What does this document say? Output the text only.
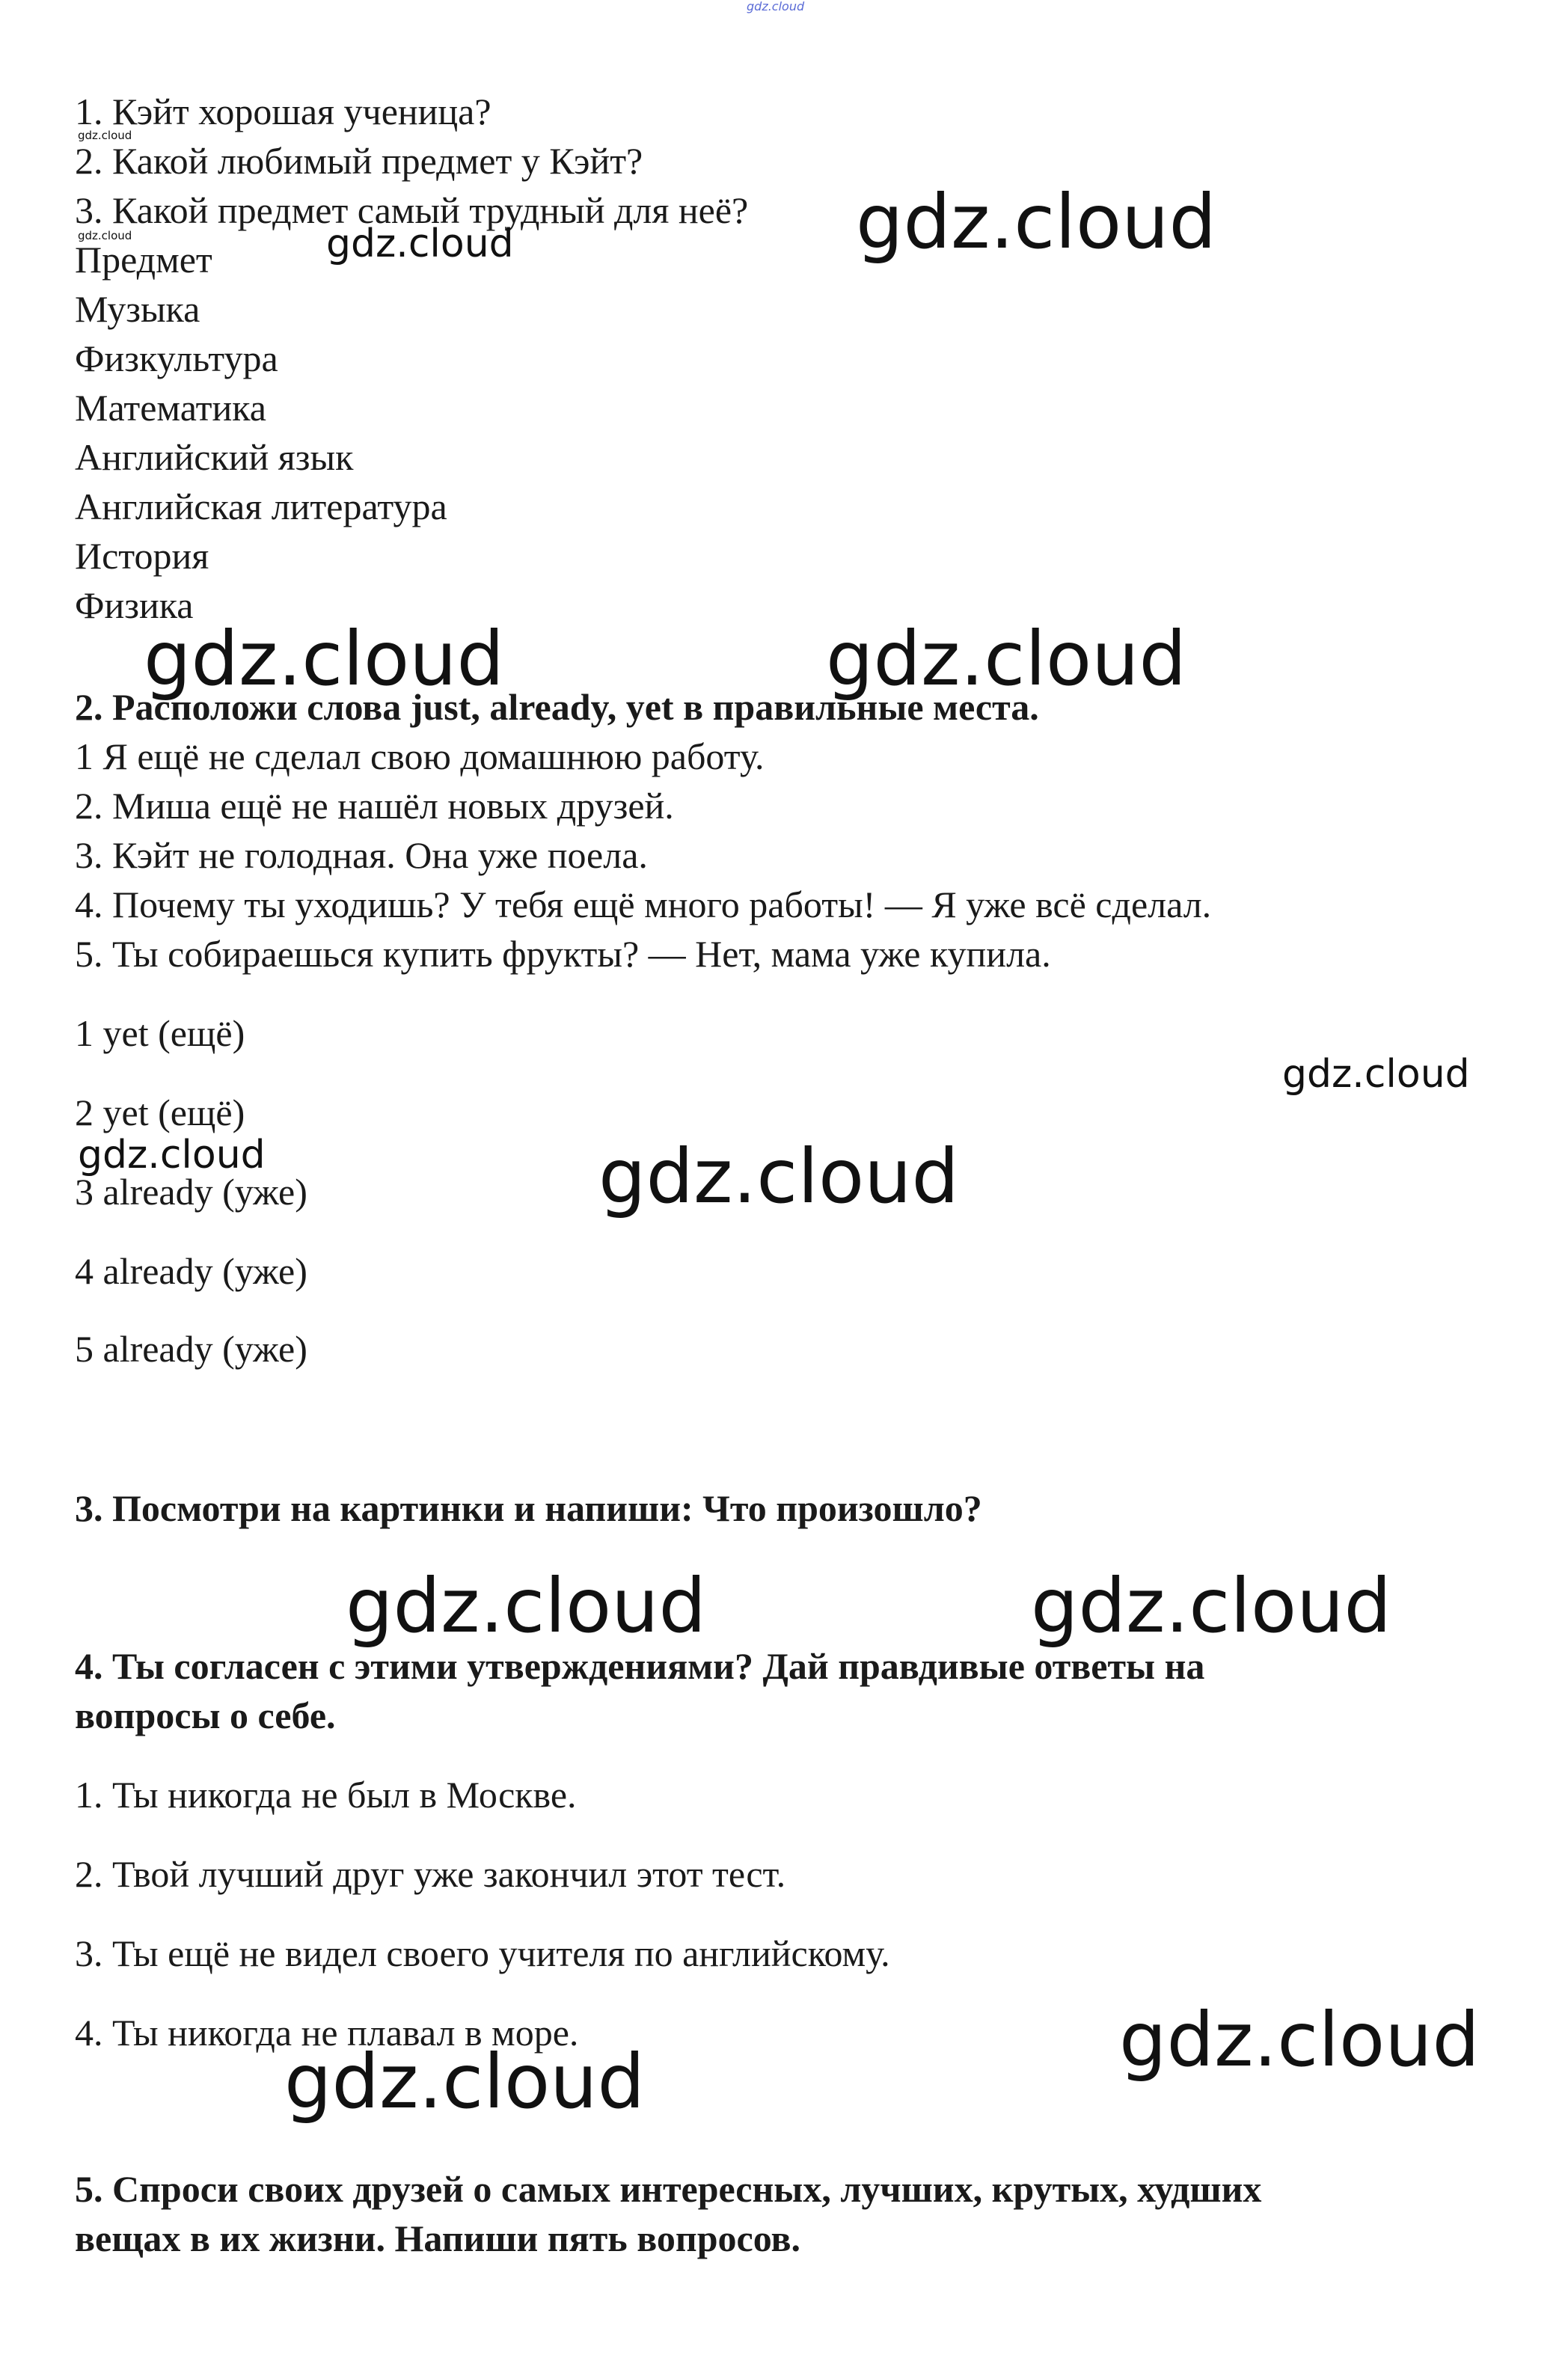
gdz.cloud
1. Кэйт хорошая ученица?
2. Какой любимый предмет у Кэйт?
3. Какой предмет самый трудный для неё?
Предмет
Музыка
Физкультура
Математика
Английский язык
Английская литература
История
Физика
2. Расположи слова just, already, yet в правильные места.
1 Я ещё не сделал свою домашнюю работу.
2. Миша ещё не нашёл новых друзей.
3. Кэйт не голодная. Она уже поела.
4. Почему ты уходишь? У тебя ещё много работы! — Я уже всё сделал.
5. Ты собираешься купить фрукты? — Нет, мама уже купила.
1 yet (ещё)
2 yet (ещё)
3 already (уже)
4 already (уже)
5 already (уже)
3. Посмотри на картинки и напиши: Что произошло?
4. Ты согласен с этими утверждениями? Дай правдивые ответы на
вопросы о себе.
1. Ты никогда не был в Москве.
2. Твой лучший друг уже закончил этот тест.
3. Ты ещё не видел своего учителя по английскому.
4. Ты никогда не плавал в море.
5. Спроси своих друзей о самых интересных, лучших, крутых, худших
вещах в их жизни. Напиши пять вопросов.
gdz.cloud
gdz.cloud	gdz.cloud
gdz.cloud
gdz.cloud	gdz.cloud
gdz.cloud
gdz.cloud	gdz.cloud
gdz.cloud	gdz.cloud
gdz.cloud
gdz.cloud
